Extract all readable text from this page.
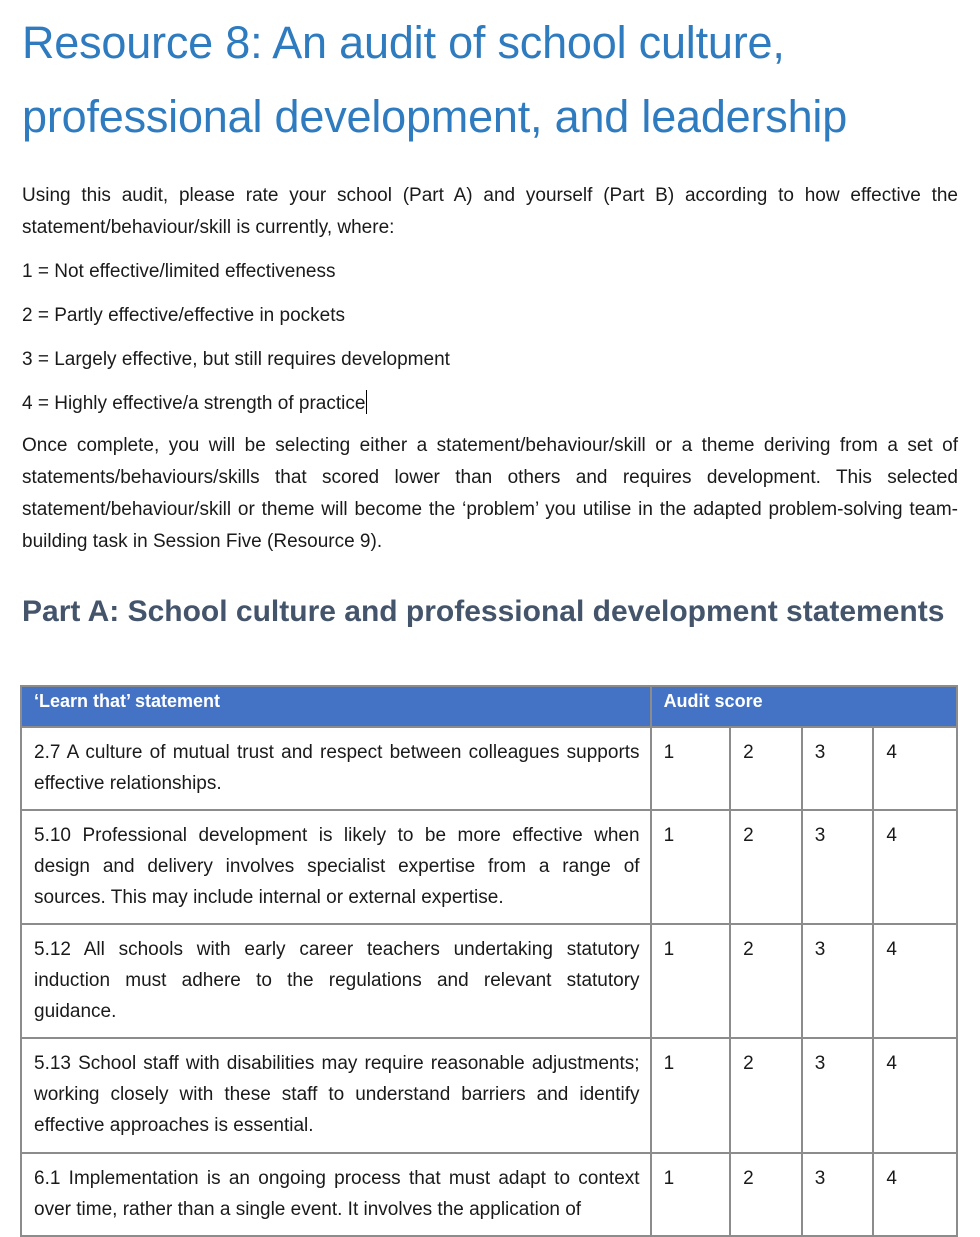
Resource 8: An audit of school culture, professional development, and leadership

Using this audit, please rate your school (Part A) and yourself (Part B) according to how effective the statement/behaviour/skill is currently, where:

1 = Not effective/limited effectiveness

2 = Partly effective/effective in pockets

3 = Largely effective, but still requires development

4 = Highly effective/a strength of practice

Once complete, you will be selecting either a statement/behaviour/skill or a theme deriving from a set of statements/behaviours/skills that scored lower than others and requires development. This selected statement/behaviour/skill or theme will become the ‘problem’ you utilise in the adapted problem-solving team-building task in Session Five (Resource 9).

Part A: School culture and professional development statements
‘Learn that’ statement	Audit score			
2.7 A culture of mutual trust and respect between colleagues supports effective relationships.	1	2	3	4
5.10 Professional development is likely to be more effective when design and delivery involves specialist expertise from a range of sources. This may include internal or external expertise.	1	2	3	4
5.12 All schools with early career teachers undertaking statutory induction must adhere to the regulations and relevant statutory guidance.	1	2	3	4
5.13 School staff with disabilities may require reasonable adjustments; working closely with these staff to understand barriers and identify effective approaches is essential.	1	2	3	4
6.1 Implementation is an ongoing process that must adapt to context over time, rather than a single event. It involves the application of	1	2	3	4
